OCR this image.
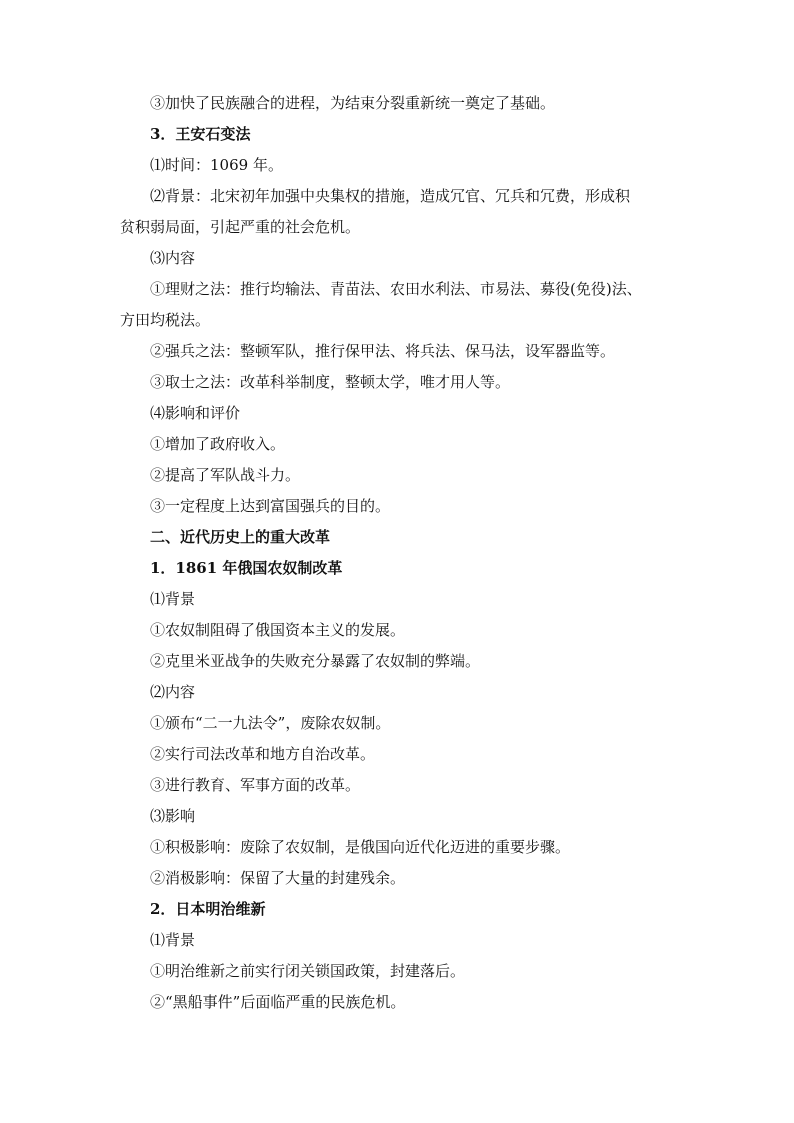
③加快了民族融合的进程，为结束分裂重新统一奠定了基础。
3．王安石变法
⑴时间：1069 年。
⑵背景：北宋初年加强中央集权的措施，造成冗官、冗兵和冗费，形成积
贫积弱局面，引起严重的社会危机。
⑶内容
①理财之法：推行均输法、青苗法、农田水利法、市易法、募役(免役)法、
方田均税法。
②强兵之法：整顿军队，推行保甲法、将兵法、保马法，设军器监等。
③取士之法：改革科举制度，整顿太学，唯才用人等。
⑷影响和评价
①增加了政府收入。
②提高了军队战斗力。
③一定程度上达到富国强兵的目的。
二、近代历史上的重大改革
1．1861 年俄国农奴制改革
⑴背景
①农奴制阻碍了俄国资本主义的发展。
②克里米亚战争的失败充分暴露了农奴制的弊端。
⑵内容
①颁布“二一九法令”，废除农奴制。
②实行司法改革和地方自治改革。
③进行教育、军事方面的改革。
⑶影响
①积极影响：废除了农奴制，是俄国向近代化迈进的重要步骤。
②消极影响：保留了大量的封建残余。
2．日本明治维新
⑴背景
①明治维新之前实行闭关锁国政策，封建落后。
②“黑船事件”后面临严重的民族危机。
